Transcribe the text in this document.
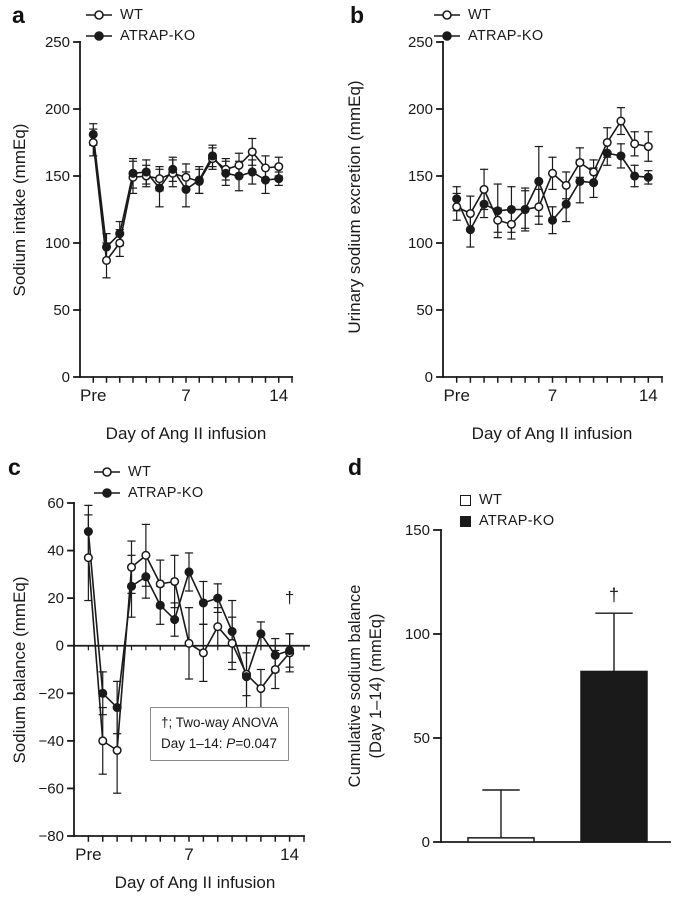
a
0
50
100
150
200
250
Pre	7	14
WT
ATRAP-KO
Sodium intake (mmEq)
Day of Ang II infusion
b
0
50
100
150
200
250
Pre	7	14
WT
ATRAP-KO
Urinary sodium excretion (mmEq)
Day of Ang II infusion
c
60
40
20
0
−20
−40
−60
−80
Pre	7	14
†
WT
ATRAP-KO
Sodium balance (mmEq)
Day of Ang II infusion
†; Two-way ANOVA
Day 1–14: P=0.047
d
0
50
100
150
†
WT
ATRAP-KO
Cumulative sodium balance (Day 1–14) (mmEq)
